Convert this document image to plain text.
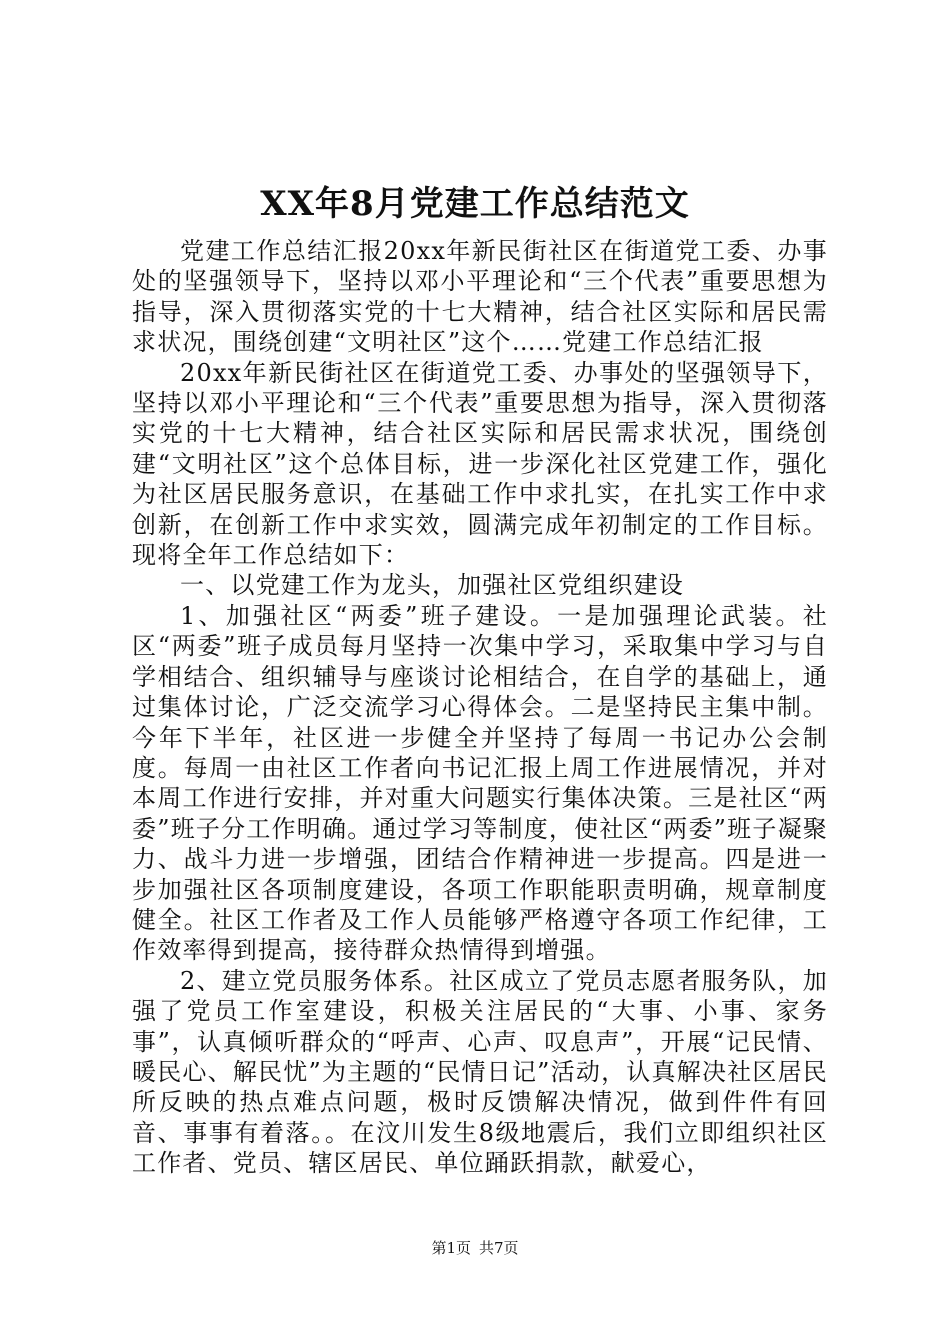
XX年8月党建工作总结范文

党建工作总结汇报20xx年新民街社区在街道党工委、办事处的坚强领导下，坚持以邓小平理论和“三个代表”重要思想为指导，深入贯彻落实党的十七大精神，结合社区实际和居民需求状况，围绕创建“文明社区”这个……党建工作总结汇报

20xx年新民街社区在街道党工委、办事处的坚强领导下，坚持以邓小平理论和“三个代表”重要思想为指导，深入贯彻落实党的十七大精神，结合社区实际和居民需求状况，围绕创建“文明社区”这个总体目标，进一步深化社区党建工作，强化为社区居民服务意识，在基础工作中求扎实，在扎实工作中求创新，在创新工作中求实效，圆满完成年初制定的工作目标。现将全年工作总结如下：

一、以党建工作为龙头，加强社区党组织建设

1、加强社区“两委”班子建设。一是加强理论武装。社区“两委”班子成员每月坚持一次集中学习，采取集中学习与自学相结合、组织辅导与座谈讨论相结合，在自学的基础上，通过集体讨论，广泛交流学习心得体会。二是坚持民主集中制。今年下半年，社区进一步健全并坚持了每周一书记办公会制度。每周一由社区工作者向书记汇报上周工作进展情况，并对本周工作进行安排，并对重大问题实行集体决策。三是社区“两委”班子分工作明确。通过学习等制度，使社区“两委”班子凝聚力、战斗力进一步增强，团结合作精神进一步提高。四是进一步加强社区各项制度建设，各项工作职能职责明确，规章制度健全。社区工作者及工作人员能够严格遵守各项工作纪律，工作效率得到提高，接待群众热情得到增强。

2、建立党员服务体系。社区成立了党员志愿者服务队，加强了党员工作室建设，积极关注居民的“大事、小事、家务事”，认真倾听群众的“呼声、心声、叹息声”，开展“记民情、暖民心、解民忧”为主题的“民情日记”活动，认真解决社区居民所反映的热点难点问题，极时反馈解决情况，做到件件有回音、事事有着落。。在汶川发生8级地震后，我们立即组织社区工作者、党员、辖区居民、单位踊跃捐款，献爱心，

第1页 共7页
